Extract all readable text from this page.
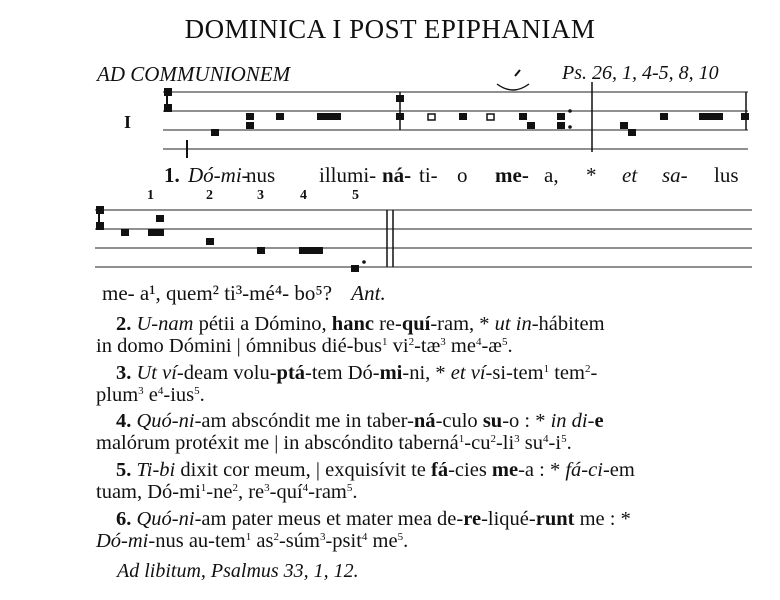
DOMINICA I POST EPIPHANIAM
AD COMMUNIONEM	Ps. 26, 1, 4-5, 8, 10
I
1. Dó-mi-
nus illumi- ná- ti- o me- a, * et sa- lus
1	2	3	4	5
me- a¹, quem² ti³-mé⁴- bo⁵? Ant.
2. U-nam pétii a Dómino, hanc re-quí-ram, * ut in-hábitem
in domo Dómini | ómnibus dié-bus$^1$ $vi^2-tæ^3$ $me^4-æ^5$.
3. Ut ví-deam volu-ptá-tem Dó-mi-ni, * et ví-si-tem$^1$ tem$^2$-
plum$^3$ $e^4-ius^5$.
4. Quó-ni-am abscóndit me in taber-ná-culo su-o : * in di-e
malórum protéxit me | in abscóndito $taberná^1-cu^2-li^3$ $su^4-i^5$.
5. Ti-bi dixit cor meum, | exquisívit te fá-cies me-a : * fá-ci-em
tuam, $Dó-mi^1-ne^2$, $re^3-quí^4-ram^5$.
6. Quó-ni-am pater meus et mater mea de-re-liqué-runt me : *
Dó-mi-nus au-tem$^1$ $as^2-súm^3-psit^4$ $me^5$.
Ad libitum, Psalmus 33, 1, 12.
